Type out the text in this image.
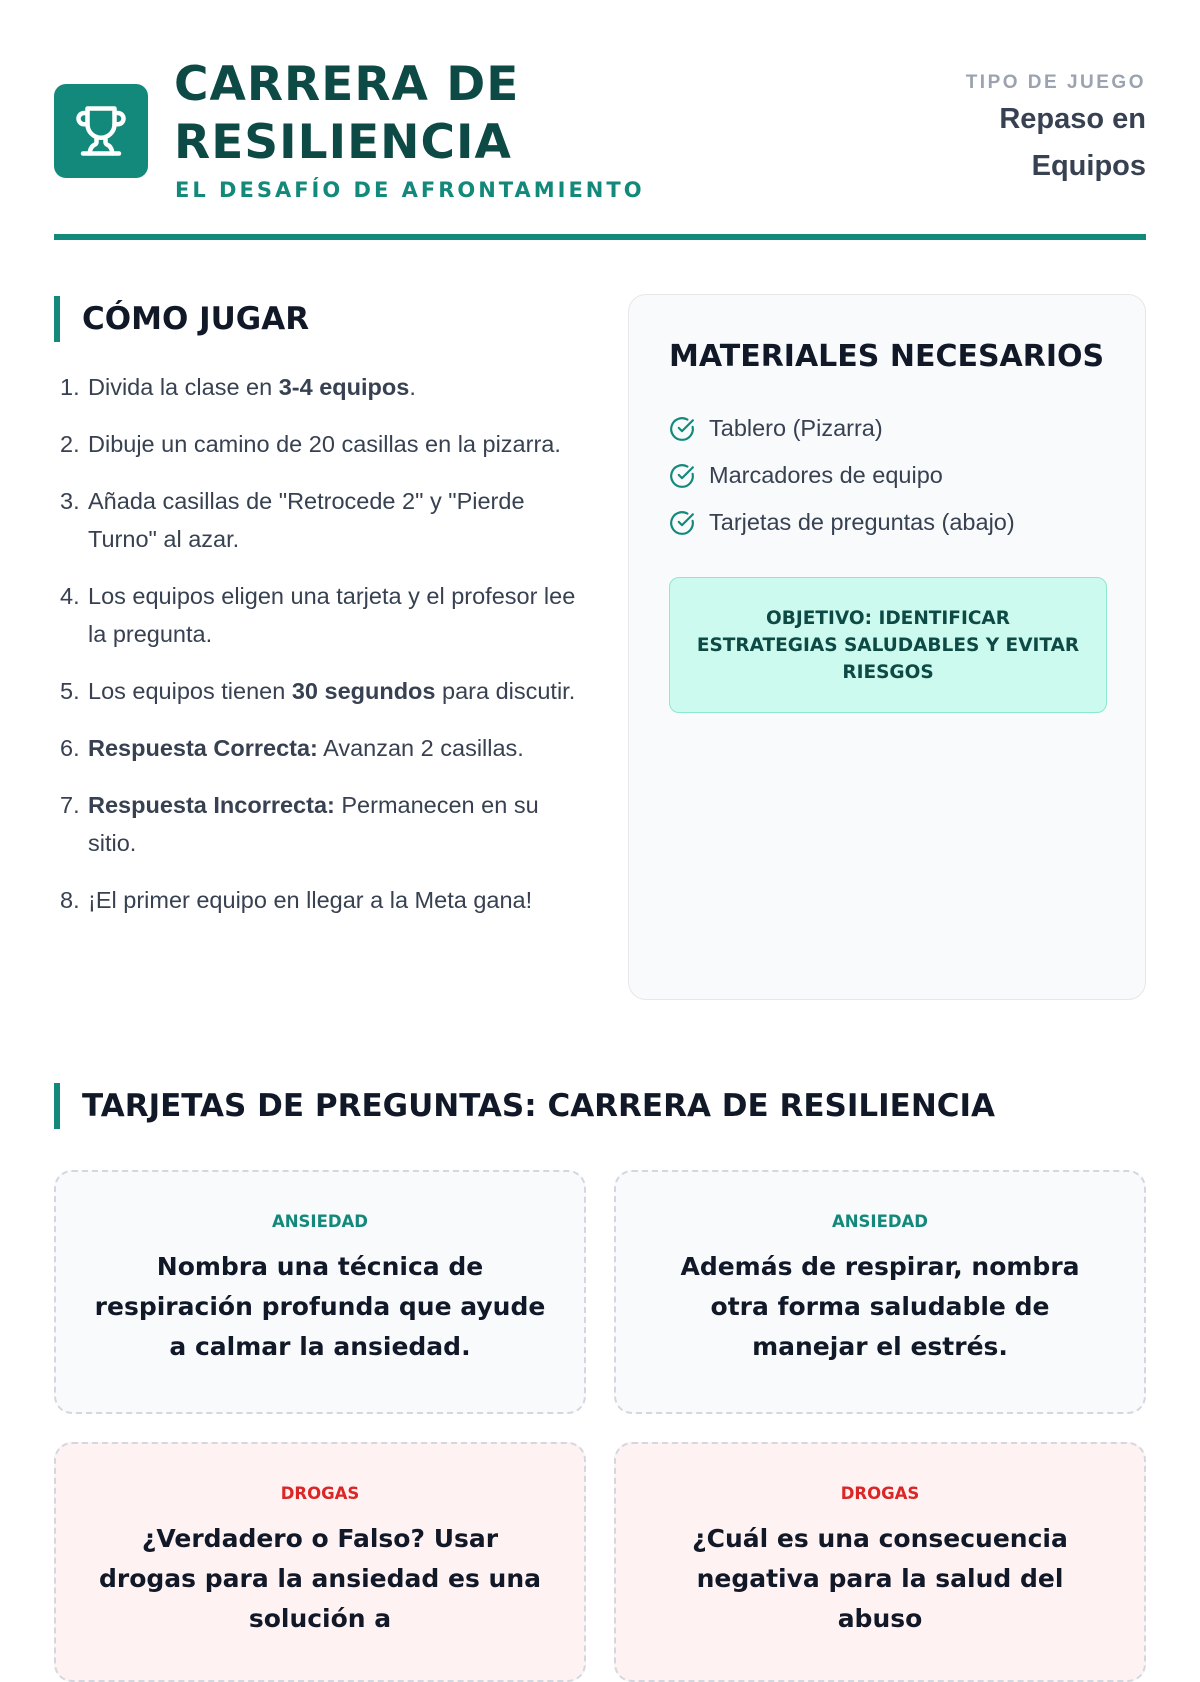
CARRERA DE RESILIENCIA
EL DESAFÍO DE AFRONTAMIENTO
TIPO DE JUEGO
Repaso en Equipos
CÓMO JUGAR
1. Divida la clase en 3-4 equipos.
2. Dibuje un camino de 20 casillas en la pizarra.
3. Añada casillas de "Retrocede 2" y "Pierde Turno" al azar.
4. Los equipos eligen una tarjeta y el profesor lee la pregunta.
5. Los equipos tienen 30 segundos para discutir.
6. Respuesta Correcta: Avanzan 2 casillas.
7. Respuesta Incorrecta: Permanecen en su sitio.
8. ¡El primer equipo en llegar a la Meta gana!
MATERIALES NECESARIOS
Tablero (Pizarra)
Marcadores de equipo
Tarjetas de preguntas (abajo)
OBJETIVO: IDENTIFICAR ESTRATEGIAS SALUDABLES Y EVITAR RIESGOS
TARJETAS DE PREGUNTAS: CARRERA DE RESILIENCIA
ANSIEDAD
Nombra una técnica de respiración profunda que ayude a calmar la ansiedad.
ANSIEDAD
Además de respirar, nombra otra forma saludable de manejar el estrés.
DROGAS
¿Verdadero o Falso? Usar drogas para la ansiedad es una solución a
DROGAS
¿Cuál es una consecuencia negativa para la salud del abuso
